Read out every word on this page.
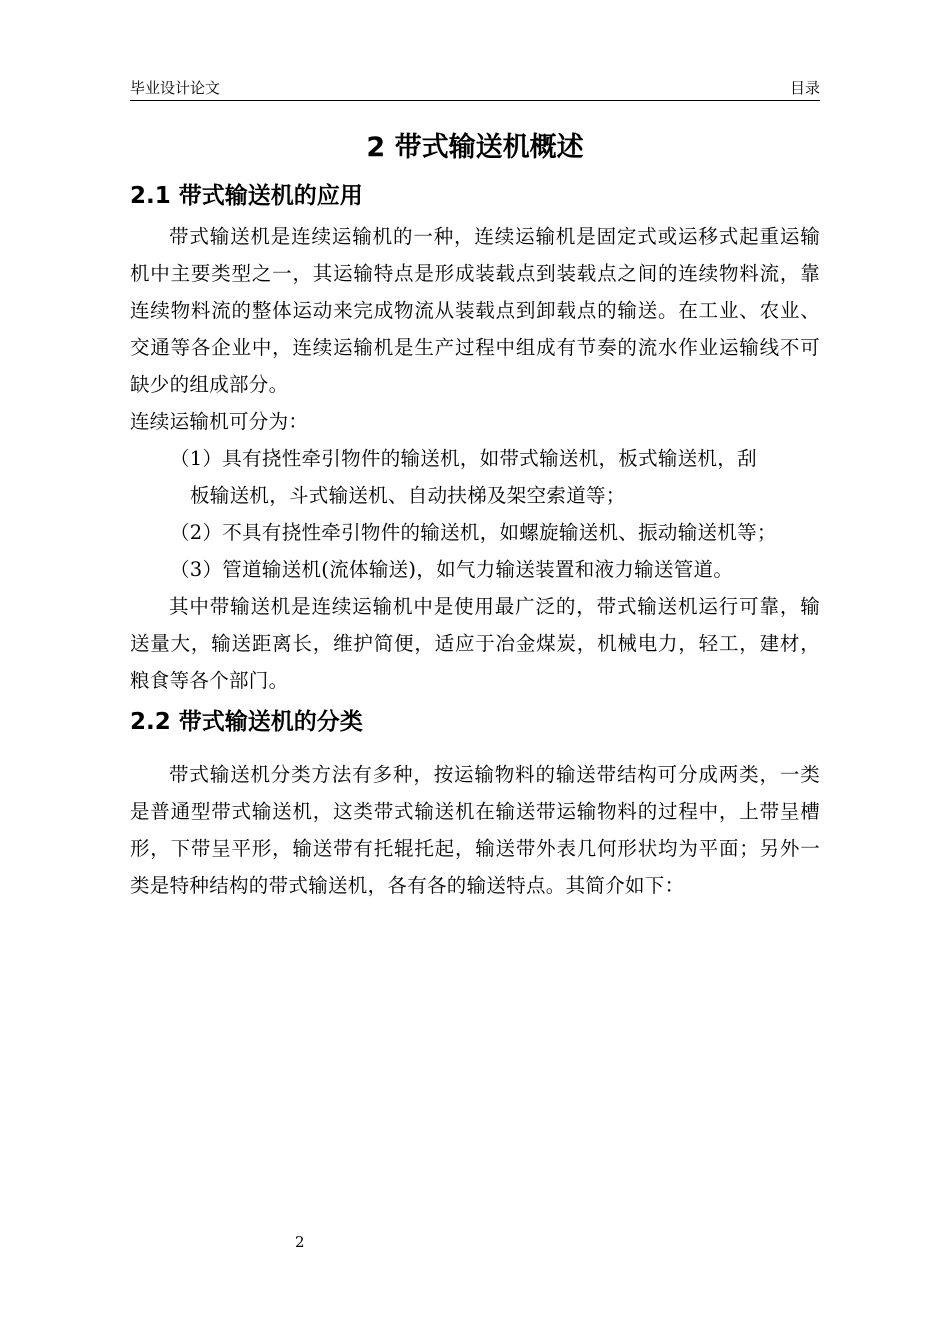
毕业设计论文	目录
2 带式输送机概述
2.1 带式输送机的应用
带式输送机是连续运输机的一种，连续运输机是固定式或运移式起重运输机中主要类型之一，其运输特点是形成装载点到装载点之间的连续物料流，靠连续物料流的整体运动来完成物流从装载点到卸载点的输送。在工业、农业、交通等各企业中，连续运输机是生产过程中组成有节奏的流水作业运输线不可缺少的组成部分。
连续运输机可分为：
（1）具有挠性牵引物件的输送机，如带式输送机，板式输送机，刮
板输送机，斗式输送机、自动扶梯及架空索道等；
（2）不具有挠性牵引物件的输送机，如螺旋输送机、振动输送机等；
（3）管道输送机(流体输送)，如气力输送装置和液力输送管道。
其中带输送机是连续运输机中是使用最广泛的，带式输送机运行可靠，输送量大，输送距离长，维护简便，适应于冶金煤炭，机械电力，轻工，建材，粮食等各个部门。
2.2 带式输送机的分类
带式输送机分类方法有多种，按运输物料的输送带结构可分成两类，一类是普通型带式输送机，这类带式输送机在输送带运输物料的过程中，上带呈槽形，下带呈平形，输送带有托辊托起，输送带外表几何形状均为平面；另外一类是特种结构的带式输送机，各有各的输送特点。其简介如下：
2
